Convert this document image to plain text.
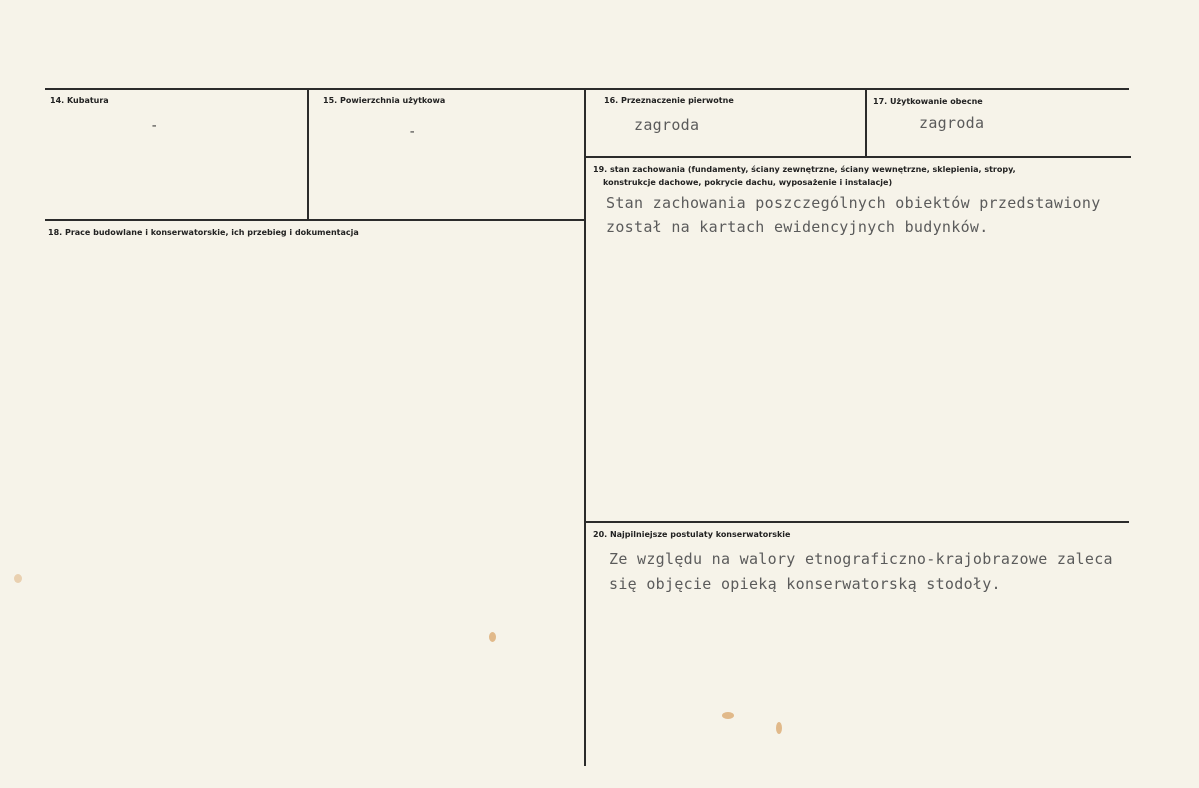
14. Kubatura
-
15. Powierzchnia użytkowa
-
16. Przeznaczenie pierwotne
zagroda
17. Użytkowanie obecne
zagroda
18. Prace budowlane i konserwatorskie, ich przebieg i dokumentacja
19. stan zachowania (fundamenty, ściany zewnętrzne, ściany wewnętrzne, sklepienia, stropy,
konstrukcje dachowe, pokrycie dachu, wyposażenie i instalacje)
Stan zachowania poszczególnych obiektów przedstawiony
został na kartach ewidencyjnych budynków.
20. Najpilniejsze postulaty konserwatorskie
Ze względu na walory etnograficzno-krajobrazowe zaleca
się objęcie opieką konserwatorską stodoły.
